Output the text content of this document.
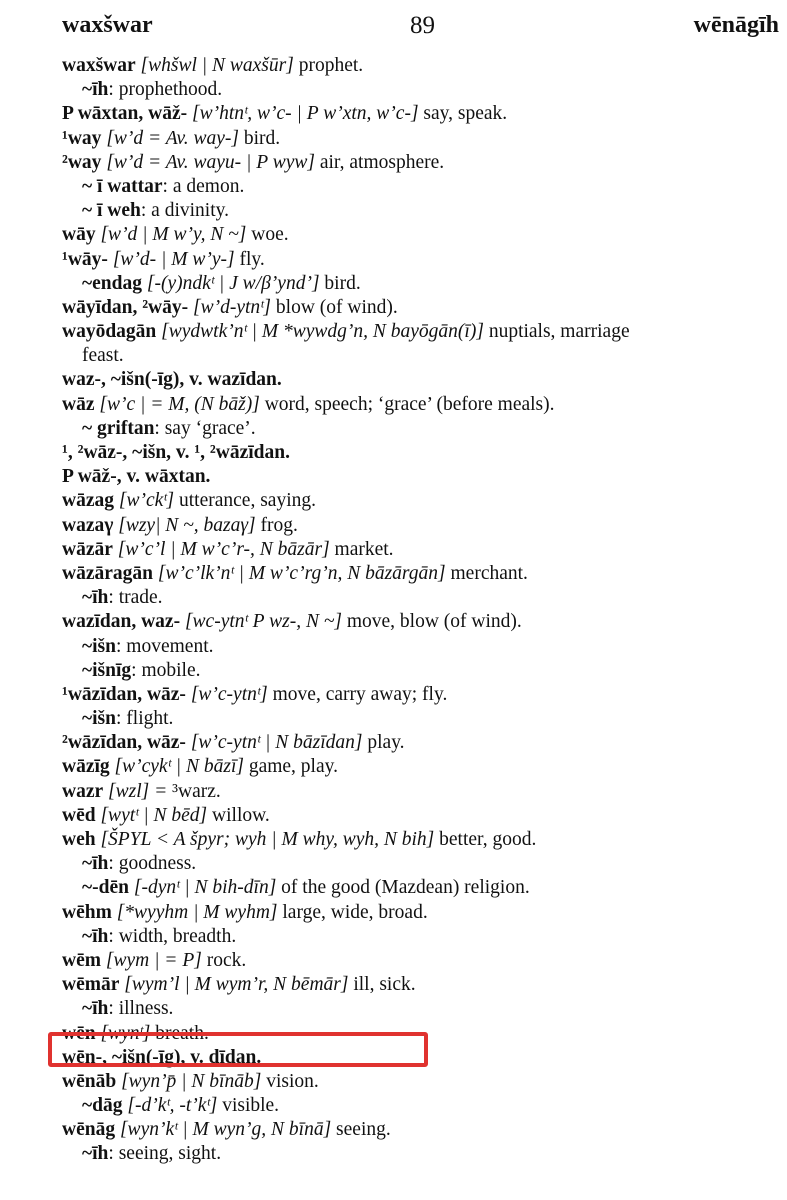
waxšwar	89	wēnāgīh
waxšwar [whšwl | N waxšūr] prophet.
~īh: prophethood.
P wāxtan, wāž- [w’htnᵗ, w’c- | P w’xtn, w’c-] say, speak.
¹way [w’d = Av. way-] bird.
²way [w’d = Av. wayu- | P wyw] air, atmosphere.
~ ī wattar: a demon.
~ ī weh: a divinity.
wāy [w’d | M w’y, N ~] woe.
¹wāy- [w’d- | M w’y-] fly.
~endag [-(y)ndkᵗ | J w/β’ynd’] bird.
wāyīdan, ²wāy- [w’d-ytnᵗ] blow (of wind).
wayōdagān [wydwtk’nᵗ | M *wywdg’n, N bayōgān(ī)] nuptials, marriage
feast.
waz-, ~išn(-īg), v. wazīdan.
wāz [w’c | = M, (N bāž)] word, speech; ‘grace’ (before meals).
~ griftan: say ‘grace’.
¹, ²wāz-, ~išn, v. ¹, ²wāzīdan.
P wāž-, v. wāxtan.
wāzag [w’ckᵗ] utterance, saying.
wazaγ [wzy| N ~, bazaγ] frog.
wāzār [w’c’l | M w’c’r-, N bāzār] market.
wāzāragān [w’c’lk’nᵗ | M w’c’rg’n, N bāzārgān] merchant.
~īh: trade.
wazīdan, waz- [wc-ytnᵗ P wz-, N ~] move, blow (of wind).
~išn: movement.
~išnīg: mobile.
¹wāzīdan, wāz- [w’c-ytnᵗ] move, carry away; fly.
~išn: flight.
²wāzīdan, wāz- [w’c-ytnᵗ | N bāzīdan] play.
wāzīg [w’cykᵗ | N bāzī] game, play.
wazr [wzl] = ³warz.
wēd [wytᵗ | N bēd] willow.
weh [ŠPYL < A špyr; wyh | M why, wyh, N bih] better, good.
~īh: goodness.
~-dēn [-dynᵗ | N bih-dīn] of the good (Mazdean) religion.
wēhm [*wyyhm | M wyhm] large, wide, broad.
~īh: width, breadth.
wēm [wym | = P] rock.
wēmār [wym’l | M wym’r, N bēmār] ill, sick.
~īh: illness.
wēn [wynᵗ] breath.
wēn-, ~išn(-īg), v. dīdan.
wēnāb [wyn’p̄ | N bīnāb] vision.
~dāg [-d’kᵗ, -t’kᵗ] visible.
wēnāg [wyn’kᵗ | M wyn’g, N bīnā] seeing.
~īh: seeing, sight.
